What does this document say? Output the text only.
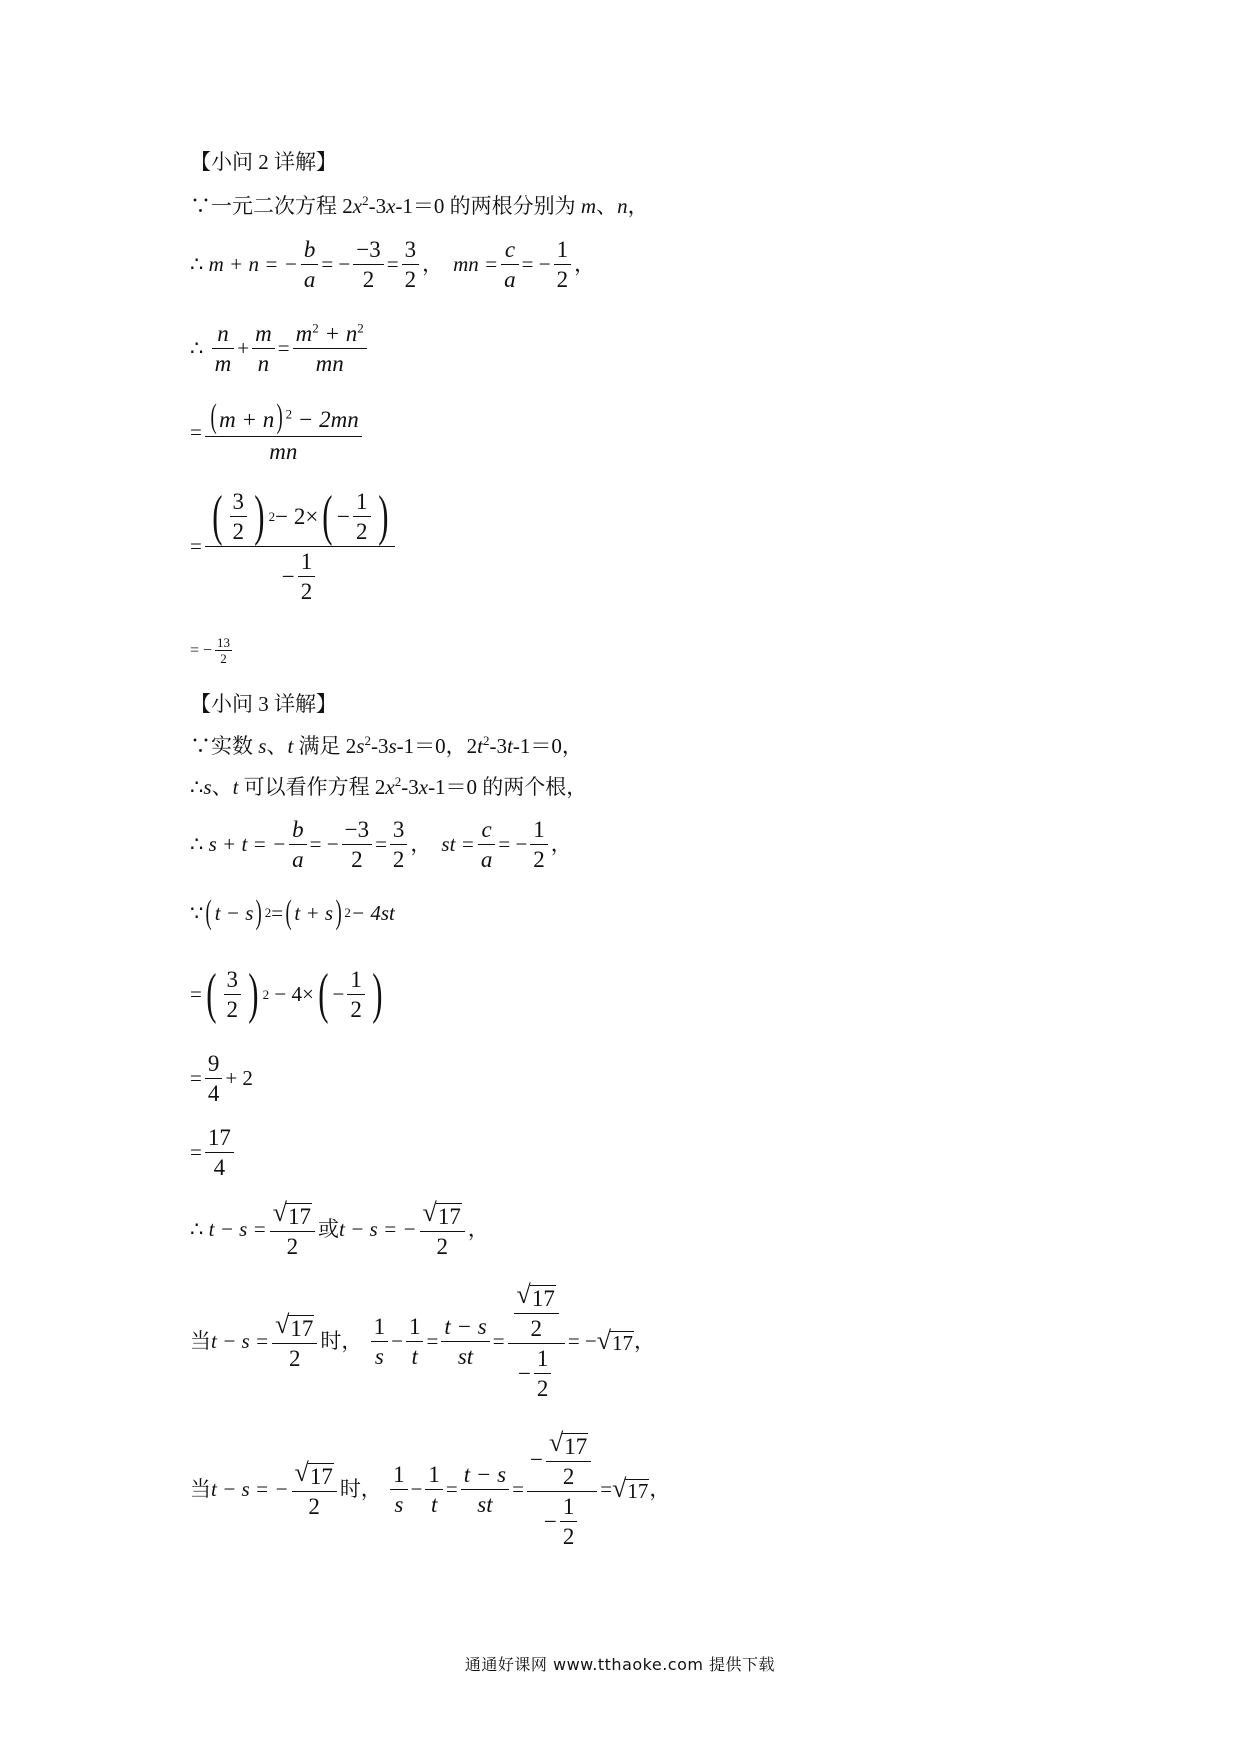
【小问 2 详解】
∵一元二次方程 $2x^2-3x-1=0$ 的两根分别为 m、n，
∴
m + n = − $\frac{b}{a}$ = − $\frac{-3}{2} = \frac{3}{2}$ ， mn = $\frac{c}{a}$ = − $\frac{1}{2}$ ，
∴
$\frac{n}{m} + \frac{m}{n} = \frac{m^2 + n^2}{mn}$
= $\frac{( m + n) ^2 - 2mn}{mn}$
= $\frac{( \frac{3}{2} ) 2 - 2\times ( - \frac{1}{2} )}{- \frac{1}{2}}$
= − $\frac{13}{2}$
【小问 3 详解】
∵实数 s、t 满足 $2s^2-3s-1=0$，$2t^2-3t-1=0$，
∴s、t 可以看作方程 $2x^2-3x-1=0$ 的两个根，
∴
s + t = − $\frac{b}{a}$ = − $\frac{-3}{2} = \frac{3}{2}$ ， st = $\frac{c}{a}$ = − $\frac{1}{2}$ ，
∵ ( t − s ) 2 = ( t + s ) 2 − 4st
= ( $\frac{3}{2}$ ) 2
− 4× ( − $\frac{1}{2}$ )
= $\frac{9}{4} + 2$
= $\frac{17}{4}$
∴
$t - s = \frac{√ 17}{2}$ 或 t − s = − $\frac{√ 17}{2}$ ，
当 $t - s = \frac{√ 17}{2}$ 时，
$\frac{1}{s} - \frac{1}{t} = \frac{t - s}{st} = \frac{\frac{√ 17}{2}}{- \frac{1}{2}}$ = − √ 17 ，
当 t − s = − $\frac{√ 17}{2}$ 时，
$\frac{1}{s} - \frac{1}{t} = \frac{t - s}{st} = \frac{- \frac{√ 17}{2}}{- \frac{1}{2}}$ = √ 17 ，
通通好课网 www.tthaoke.com 提供下载
